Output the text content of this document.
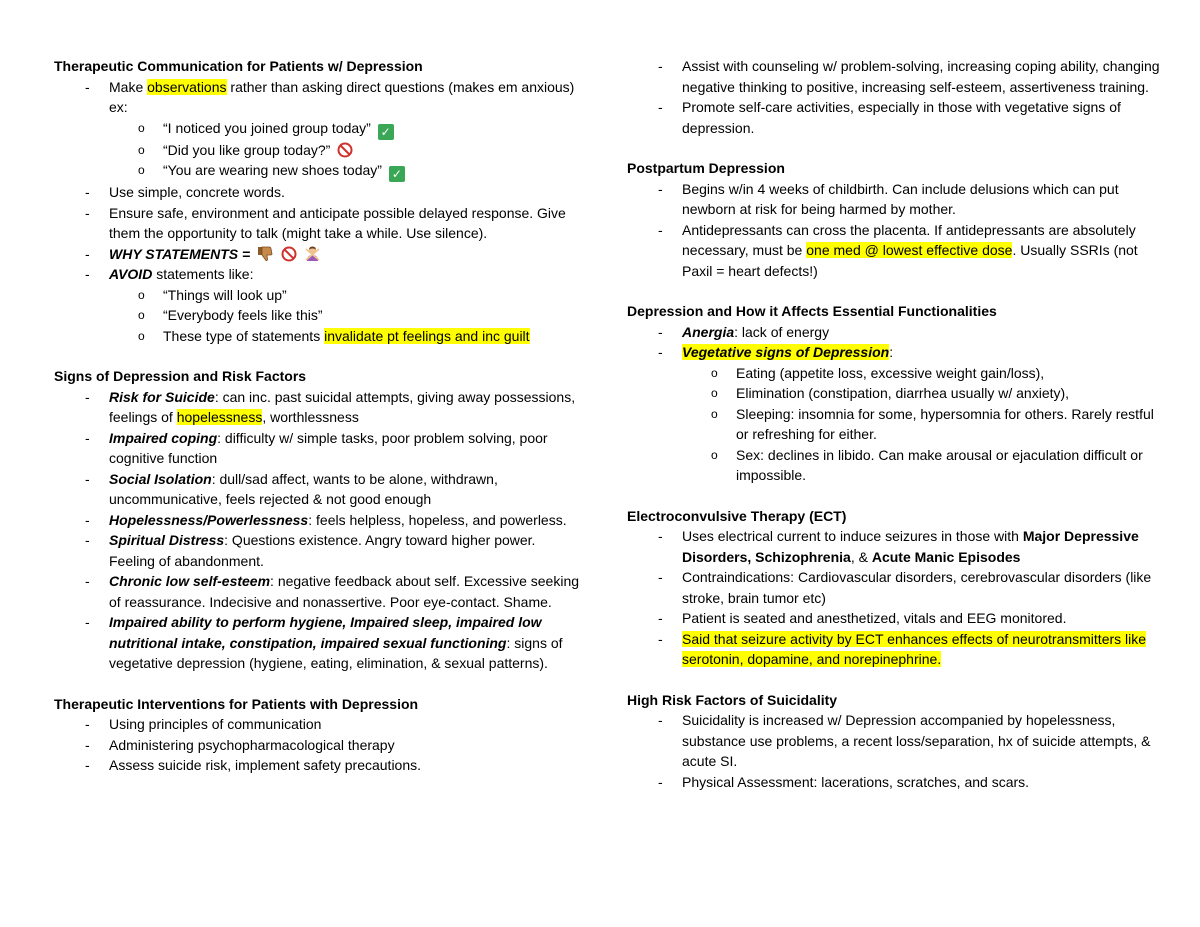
Therapeutic Communication for Patients w/ Depression
- Make observations rather than asking direct questions (makes em anxious) ex:
o “I noticed you joined group today” ✓
o “Did you like group today?”
o “You are wearing new shoes today” ✓
- Use simple, concrete words.
- Ensure safe, environment and anticipate possible delayed response. Give them the opportunity to talk (might take a while. Use silence).
- WHY STATEMENTS =
- AVOID statements like:
o “Things will look up”
o “Everybody feels like this”
o These type of statements invalidate pt feelings and inc guilt
Signs of Depression and Risk Factors
- Risk for Suicide: can inc. past suicidal attempts, giving away possessions, feelings of hopelessness, worthlessness
- Impaired coping: difficulty w/ simple tasks, poor problem solving, poor cognitive function
- Social Isolation: dull/sad affect, wants to be alone, withdrawn, uncommunicative, feels rejected & not good enough
- Hopelessness/Powerlessness: feels helpless, hopeless, and powerless.
- Spiritual Distress: Questions existence. Angry toward higher power. Feeling of abandonment.
- Chronic low self-esteem: negative feedback about self. Excessive seeking of reassurance. Indecisive and nonassertive. Poor eye-contact. Shame.
- Impaired ability to perform hygiene, Impaired sleep, impaired low nutritional intake, constipation, impaired sexual functioning: signs of vegetative depression (hygiene, eating, elimination, & sexual patterns).
Therapeutic Interventions for Patients with Depression
- Using principles of communication
- Administering psychopharmacological therapy
- Assess suicide risk, implement safety precautions.
- Assist with counseling w/ problem-solving, increasing coping ability, changing negative thinking to positive, increasing self-esteem, assertiveness training.
- Promote self-care activities, especially in those with vegetative signs of depression.
Postpartum Depression
- Begins w/in 4 weeks of childbirth. Can include delusions which can put newborn at risk for being harmed by mother.
- Antidepressants can cross the placenta. If antidepressants are absolutely necessary, must be one med @ lowest effective dose. Usually SSRIs (not Paxil = heart defects!)
Depression and How it Affects Essential Functionalities
- Anergia: lack of energy
- Vegetative signs of Depression:
o Eating (appetite loss, excessive weight gain/loss),
o Elimination (constipation, diarrhea usually w/ anxiety),
o Sleeping: insomnia for some, hypersomnia for others. Rarely restful or refreshing for either.
o Sex: declines in libido. Can make arousal or ejaculation difficult or impossible.
Electroconvulsive Therapy (ECT)
- Uses electrical current to induce seizures in those with Major Depressive Disorders, Schizophrenia, & Acute Manic Episodes
- Contraindications: Cardiovascular disorders, cerebrovascular disorders (like stroke, brain tumor etc)
- Patient is seated and anesthetized, vitals and EEG monitored.
- Said that seizure activity by ECT enhances effects of neurotransmitters like serotonin, dopamine, and norepinephrine.
High Risk Factors of Suicidality
- Suicidality is increased w/ Depression accompanied by hopelessness, substance use problems, a recent loss/separation, hx of suicide attempts, & acute SI.
- Physical Assessment: lacerations, scratches, and scars.
